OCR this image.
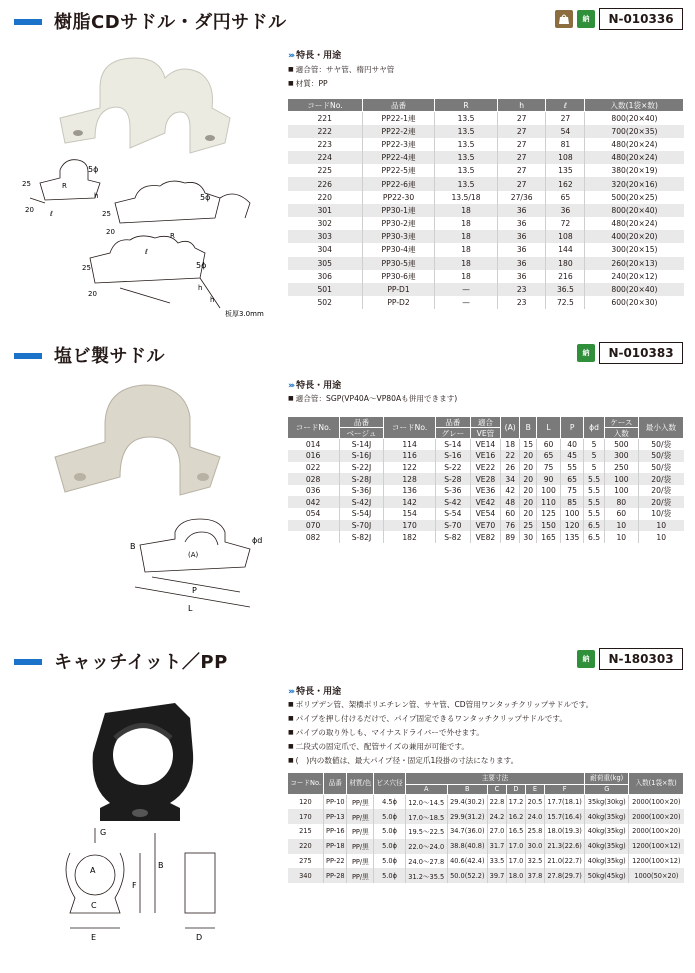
樹脂CDサドル・ダ円サドル	納	N-010336
5ϕ
25	R
h
ℓ
20
5ϕ
25
R
ℓ
20
25
20
h
h
5ϕ
板厚3.0mm
››› 特長・用途
■ 適合管：サヤ管、楕円サヤ管
■ 材質：PP
コードNo.	品番	R	h	ℓ	入数(1袋×数)
221	PP22-1連	13.5	27	27	800(20×40)
222	PP22-2連	13.5	27	54	700(20×35)
223	PP22-3連	13.5	27	81	480(20×24)
224	PP22-4連	13.5	27	108	480(20×24)
225	PP22-5連	13.5	27	135	380(20×19)
226	PP22-6連	13.5	27	162	320(20×16)
220	PP22-30	13.5/18	27/36	65	500(20×25)
301	PP30-1連	18	36	36	800(20×40)
302	PP30-2連	18	36	72	480(20×24)
303	PP30-3連	18	36	108	400(20×20)
304	PP30-4連	18	36	144	300(20×15)
305	PP30-5連	18	36	180	260(20×13)
306	PP30-6連	18	36	216	240(20×12)
501	PP-D1	—	23	36.5	800(20×40)
502	PP-D2	—	23	72.5	600(20×30)
塩ビ製サドル	納	N-010383
ϕd
B
(A)
P
L
››› 特長・用途
■ 適合管：SGP(VP40A～VP80Aも併用できます)
コードNo.	品番	コードNo.	品番	適合	(A)	B	L	P	ϕd	ケース	最小入数
	ベージュ		グレー	VE管						入数	
014	S-14J	114	S-14	VE14	18	15	60	40	5	500	50/袋
016	S-16J	116	S-16	VE16	22	20	65	45	5	300	50/袋
022	S-22J	122	S-22	VE22	26	20	75	55	5	250	50/袋
028	S-28J	128	S-28	VE28	34	20	90	65	5.5	100	20/袋
036	S-36J	136	S-36	VE36	42	20	100	75	5.5	100	20/袋
042	S-42J	142	S-42	VE42	48	20	110	85	5.5	80	20/袋
054	S-54J	154	S-54	VE54	60	20	125	100	5.5	60	10/袋
070	S-70J	170	S-70	VE70	76	25	150	120	6.5	10	10
082	S-82J	182	S-82	VE82	89	30	165	135	6.5	10	10
キャッチイット／PP	納	N-180303
G
A
B
F
C
E	D
››› 特長・用途
■ ポリプデン管、架橋ポリエチレン管、サヤ管、CD管用ワンタッチクリップサドルです。
■ パイプを押し付けるだけで、パイプ固定できるワンタッチクリップサドルです。
■ パイプの取り外しも、マイナスドライバーで外せます。
■ 二段式の固定爪で、配管サイズの兼用が可能です。
■ (　)内の数値は、最大パイプ径・固定爪1段掛の寸法になります。
コードNo.	品番	材質/色	ビス穴径	主要寸法						耐荷重(kg)	入数(1袋×数)
				A	B	C	D	E	F	G	
120	PP-10	PP/黒	4.5ϕ	12.0～14.5	29.4(30.2)	22.8	17.2	20.5	17.7(18.1)	35kg(30kg)	2000(100×20)
170	PP-13	PP/黒	5.0ϕ	17.0～18.5	29.9(31.2)	24.2	16.2	24.0	15.7(16.4)	40kg(35kg)	2000(100×20)
215	PP-16	PP/黒	5.0ϕ	19.5～22.5	34.7(36.0)	27.0	16.5	25.8	18.0(19.3)	40kg(35kg)	2000(100×20)
220	PP-18	PP/黒	5.0ϕ	22.0～24.0	38.8(40.8)	31.7	17.0	30.0	21.3(22.6)	40kg(35kg)	1200(100×12)
275	PP-22	PP/黒	5.0ϕ	24.0～27.8	40.6(42.4)	33.5	17.0	32.5	21.0(22.7)	40kg(35kg)	1200(100×12)
340	PP-28	PP/黒	5.0ϕ	31.2～35.5	50.0(52.2)	39.7	18.0	37.8	27.8(29.7)	50kg(45kg)	1000(50×20)
